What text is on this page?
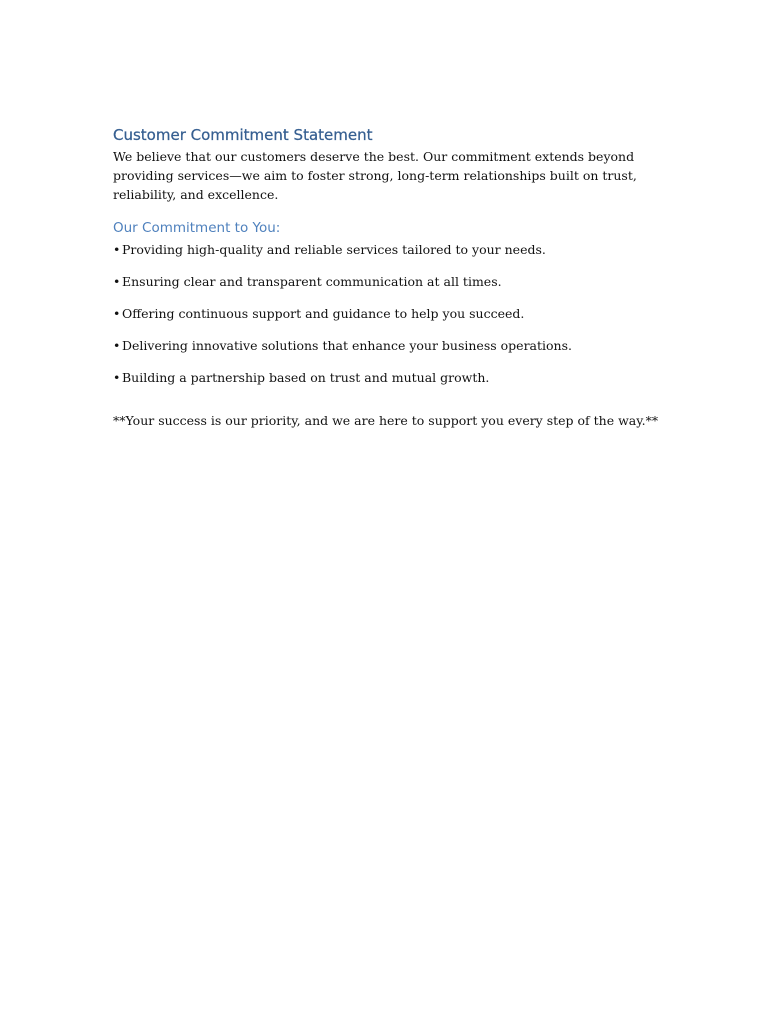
Customer Commitment Statement

We believe that our customers deserve the best. Our commitment extends beyond
providing services—we aim to foster strong, long-term relationships built on trust,
reliability, and excellence.

Our Commitment to You:
• Providing high-quality and reliable services tailored to your needs.
• Ensuring clear and transparent communication at all times.
• Offering continuous support and guidance to help you succeed.
• Delivering innovative solutions that enhance your business operations.
• Building a partnership based on trust and mutual growth.

**Your success is our priority, and we are here to support you every step of the way.**
